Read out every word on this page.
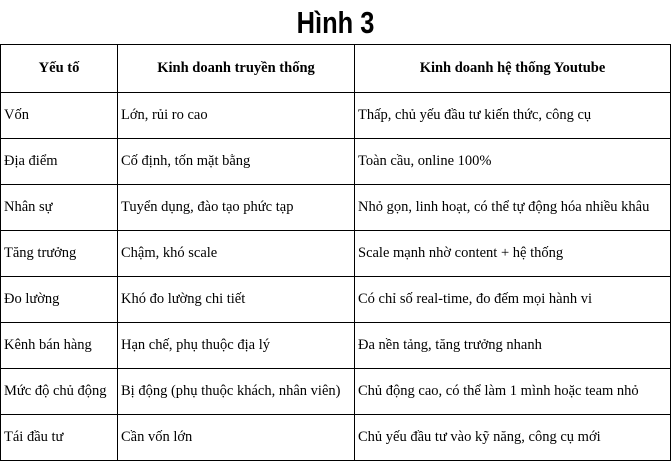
Hình 3
Yếu tố	Kinh doanh truyền thống	Kinh doanh hệ thống Youtube
Vốn	Lớn, rủi ro cao	Thấp, chủ yếu đầu tư kiến thức, công cụ
Địa điểm	Cố định, tốn mặt bằng	Toàn cầu, online 100%
Nhân sự	Tuyển dụng, đào tạo phức tạp	Nhỏ gọn, linh hoạt, có thể tự động hóa nhiều khâu
Tăng trưởng	Chậm, khó scale	Scale mạnh nhờ content + hệ thống
Đo lường	Khó đo lường chi tiết	Có chỉ số real-time, đo đếm mọi hành vi
Kênh bán hàng	Hạn chế, phụ thuộc địa lý	Đa nền tảng, tăng trưởng nhanh
Mức độ chủ động	Bị động (phụ thuộc khách, nhân viên)	Chủ động cao, có thể làm 1 mình hoặc team nhỏ
Tái đầu tư	Cần vốn lớn	Chủ yếu đầu tư vào kỹ năng, công cụ mới
